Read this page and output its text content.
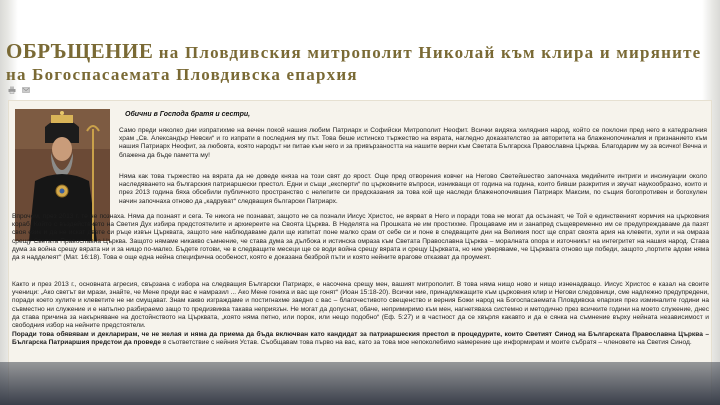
ОБРЪЩЕНИЕ на Пловдивския митрополит Николай към клира и миряните на Богоспасаемата Пловдивска епархия
Обични в Господа братя и сестри,
Само преди няколко дни изпратихме на вечен покой нашия любим Патриарх и Софийски Митрополит Неофит. Всички видяха хилядния народ, който се поклони пред него в катедралния храм „Св. Александър Невски“ и го изпрати в последния му път. Това беше истинско тържество на вярата, нагледно доказателство за авторитета на блаженопочиналия и признанието към нашия Патриарх Неофит, за любовта, която народът ни питае към него и за привързаността на нашите верни към Светата Българска Православна Църква. Благодарим му за всичко! Вечна и блажена да бъде паметта му!
Няма как това тържество на вярата да не доведе княза на този свят до ярост. Още пред отворения ковчег на Негово Светейшество започнаха медийните интриги и инсинуации около наследяването на българския патриаршески престол. Едни и същи „експерти“ по църковните въпроси, изникващи от година на година, които бивши разкрития и звучат наукообразно, които и през 2013 година бяха обсебили публичното пространство с нелепите си предсказания за това кой ще наследи блаженопочившия Патриарх Максим, по същия богопротивен и богохулен начин започнаха отново да „кадруват“ следващия български Патриарх.
Впрочем, през 2013 г. те не познаха. Няма да познаят и сега. Те никога не познават, защото не са познали Иисус Христос, не вярват в Него и поради това не могат да осъзнаят, че Той е единственият кормчия на църковния кораб, Който с въздействието на Светия Дух избира предстоятелите и архиереите на Своята Църква. В Неделята на Прошката не им простихме. Прощаваме им и занапред същевременно им се предупреждаваме да пазят своя език и да не искат двете си ръце извън Църквата, защото ние наблюдаваме дали ще изпитат поне малко срам от себе си и поне в следващите дни на Великия пост ще спрат своята ария на клевети, хули и на омраза срещу Светата Православна Църква. Защото нямаме никакво съмнение, че става дума за дълбока и истинска омраза към Светата Православна Църква – моралната опора и източникът на интегритет на нашия народ. Става дума за война срещу вярата ни и за нищо по-малко. Бъдете готови, че в следващите месеци ще се води война срещу вярата и срещу Църквата, но ние уверяваме, че Църквата отново ще победи, защото „портите адови няма да я надделеят“ (Мат. 16:18). Това е още една нейна специфична особеност, която е доказана безброй пъти и която нейните врагове отказват да проумеят.
Както и през 2013 г., основната агресия, свързана с избора на следващия Български Патриарх, е насочена срещу мен, вашият митрополит. В това няма нищо ново и нищо изненадващо. Иисус Христос е казал на своите ученици: „Ако светът ви мрази, знайте, че Мене преди вас е намразил ... Ако Мене гониха и вас ще гонят“ (Иоан 15:18-20). Всички ние, принадлежащите към църковния клир и Негови следовници, сме надлежно предупредени, поради което хулите и клеветите не ни смущават. Знам какво изграждаме и постигнахме заедно с вас – благочестивото свещенство и верния Божи народ на Богоспасаемата Пловдивска епархия през изминалите години на съвместно ни служение и е напълно разбираемо защо то предизвиква такава неприязън. Не могат да допуснат, обаче, непримиримо към мен, нагнетяваха системно и методично през всичките години на моето служение, днес да става причина за накърняване на достойнството на Църквата, „която няма петно, или порок, или нещо подобно“ (Еф. 5:27) и в частност да се хвърля какавто и да е сянка на съмнение върху нейната независимост и свободния избор на нейните предстоятели.
Поради това обявявам и декларирам, че не желая и няма да приема да бъда включван като кандидат за патриаршеския престол в процедурите, които Светият Синод на Българската Православна Църква – Българска Патриаршия предстои да проведе в съответствие с нейния Устав. Съобщавам това първо на вас, като за това мое непоколебимо намерение ще информирам и моите събратя – членовете на Светия Синод.
